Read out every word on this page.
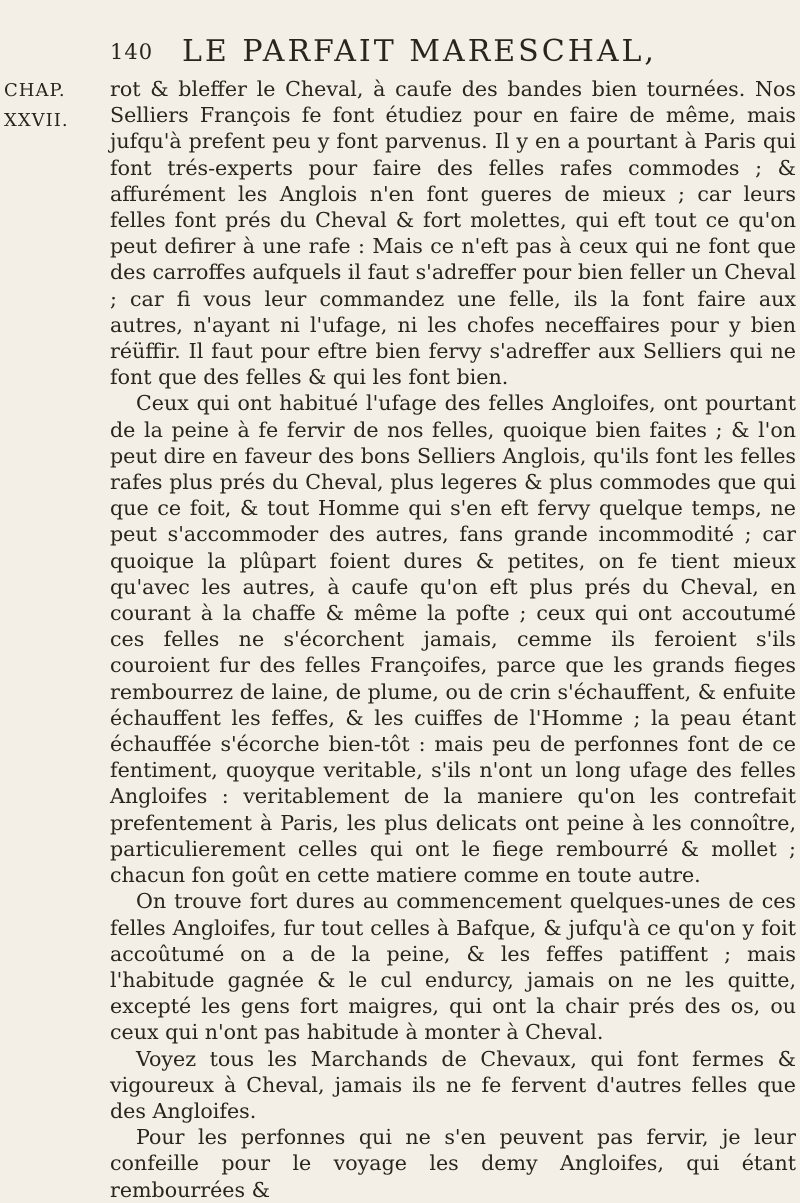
140 LE PARFAIT MARESCHAL,
CHAP.
XXVII.

rot & bleffer le Cheval, à caufe des bandes bien tournées. Nos Selliers François fe font étudiez pour en faire de même, mais jufqu'à prefent peu y font parvenus. Il y en a pourtant à Paris qui font trés-experts pour faire des felles rafes commodes ; & affurément les Anglois n'en font gueres de mieux ; car leurs felles font prés du Cheval & fort molettes, qui eft tout ce qu'on peut defirer à une rafe : Mais ce n'eft pas à ceux qui ne font que des carroffes aufquels il faut s'adreffer pour bien feller un Cheval ; car fi vous leur commandez une felle, ils la font faire aux autres, n'ayant ni l'ufage, ni les chofes neceffaires pour y bien réüffir. Il faut pour eftre bien fervy s'adreffer aux Selliers qui ne font que des felles & qui les font bien.

Ceux qui ont habitué l'ufage des felles Angloifes, ont pourtant de la peine à fe fervir de nos felles, quoique bien faites ; & l'on peut dire en faveur des bons Selliers Anglois, qu'ils font les felles rafes plus prés du Cheval, plus legeres & plus commodes que qui que ce foit, & tout Homme qui s'en eft fervy quelque temps, ne peut s'accommoder des autres, fans grande incommodité ; car quoique la plûpart foient dures & petites, on fe tient mieux qu'avec les autres, à caufe qu'on eft plus prés du Cheval, en courant à la chaffe & même la pofte ; ceux qui ont accoutumé ces felles ne s'écorchent jamais, cemme ils feroient s'ils couroient fur des felles Françoifes, parce que les grands fieges rembourrez de laine, de plume, ou de crin s'échauffent, & enfuite échauffent les feffes, & les cuiffes de l'Homme ; la peau étant échauffée s'écorche bien-tôt : mais peu de perfonnes font de ce fentiment, quoyque veritable, s'ils n'ont un long ufage des felles Angloifes : veritablement de la maniere qu'on les contrefait prefentement à Paris, les plus delicats ont peine à les connoître, particulierement celles qui ont le fiege rembourré & mollet ; chacun fon goût en cette matiere comme en toute autre.

On trouve fort dures au commencement quelques-unes de ces felles Angloifes, fur tout celles à Bafque, & jufqu'à ce qu'on y foit accoûtumé on a de la peine, & les feffes patiffent ; mais l'habitude gagnée & le cul endurcy, jamais on ne les quitte, excepté les gens fort maigres, qui ont la chair prés des os, ou ceux qui n'ont pas habitude à monter à Cheval.

Voyez tous les Marchands de Chevaux, qui font fermes & vigoureux à Cheval, jamais ils ne fe fervent d'autres felles que des Angloifes.

Pour les perfonnes qui ne s'en peuvent pas fervir, je leur confeille pour le voyage les demy Angloifes, qui étant rembourrées &
